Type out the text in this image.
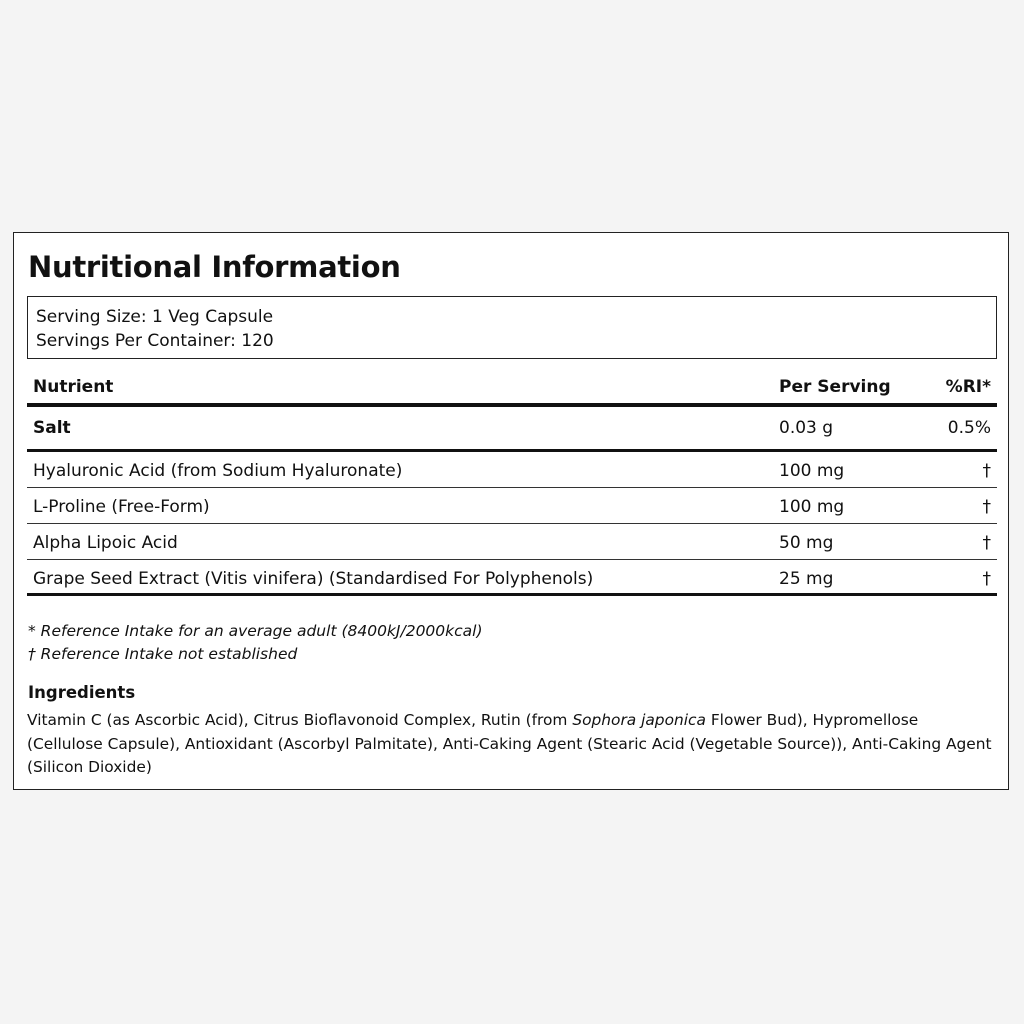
Nutritional Information
Serving Size: 1 Veg Capsule
Servings Per Container: 120
Nutrient	Per Serving	%RI*
Salt	0.03 g	0.5%
Hyaluronic Acid (from Sodium Hyaluronate)	100 mg	†
L-Proline (Free-Form)	100 mg	†
Alpha Lipoic Acid	50 mg	†
Grape Seed Extract (Vitis vinifera) (Standardised For Polyphenols)	25 mg	†
* Reference Intake for an average adult (8400kJ/2000kcal)
† Reference Intake not established
Ingredients
Vitamin C (as Ascorbic Acid), Citrus Bioflavonoid Complex, Rutin (from Sophora japonica Flower Bud), Hypromellose (Cellulose Capsule), Antioxidant (Ascorbyl Palmitate), Anti-Caking Agent (Stearic Acid (Vegetable Source)), Anti-Caking Agent (Silicon Dioxide)
